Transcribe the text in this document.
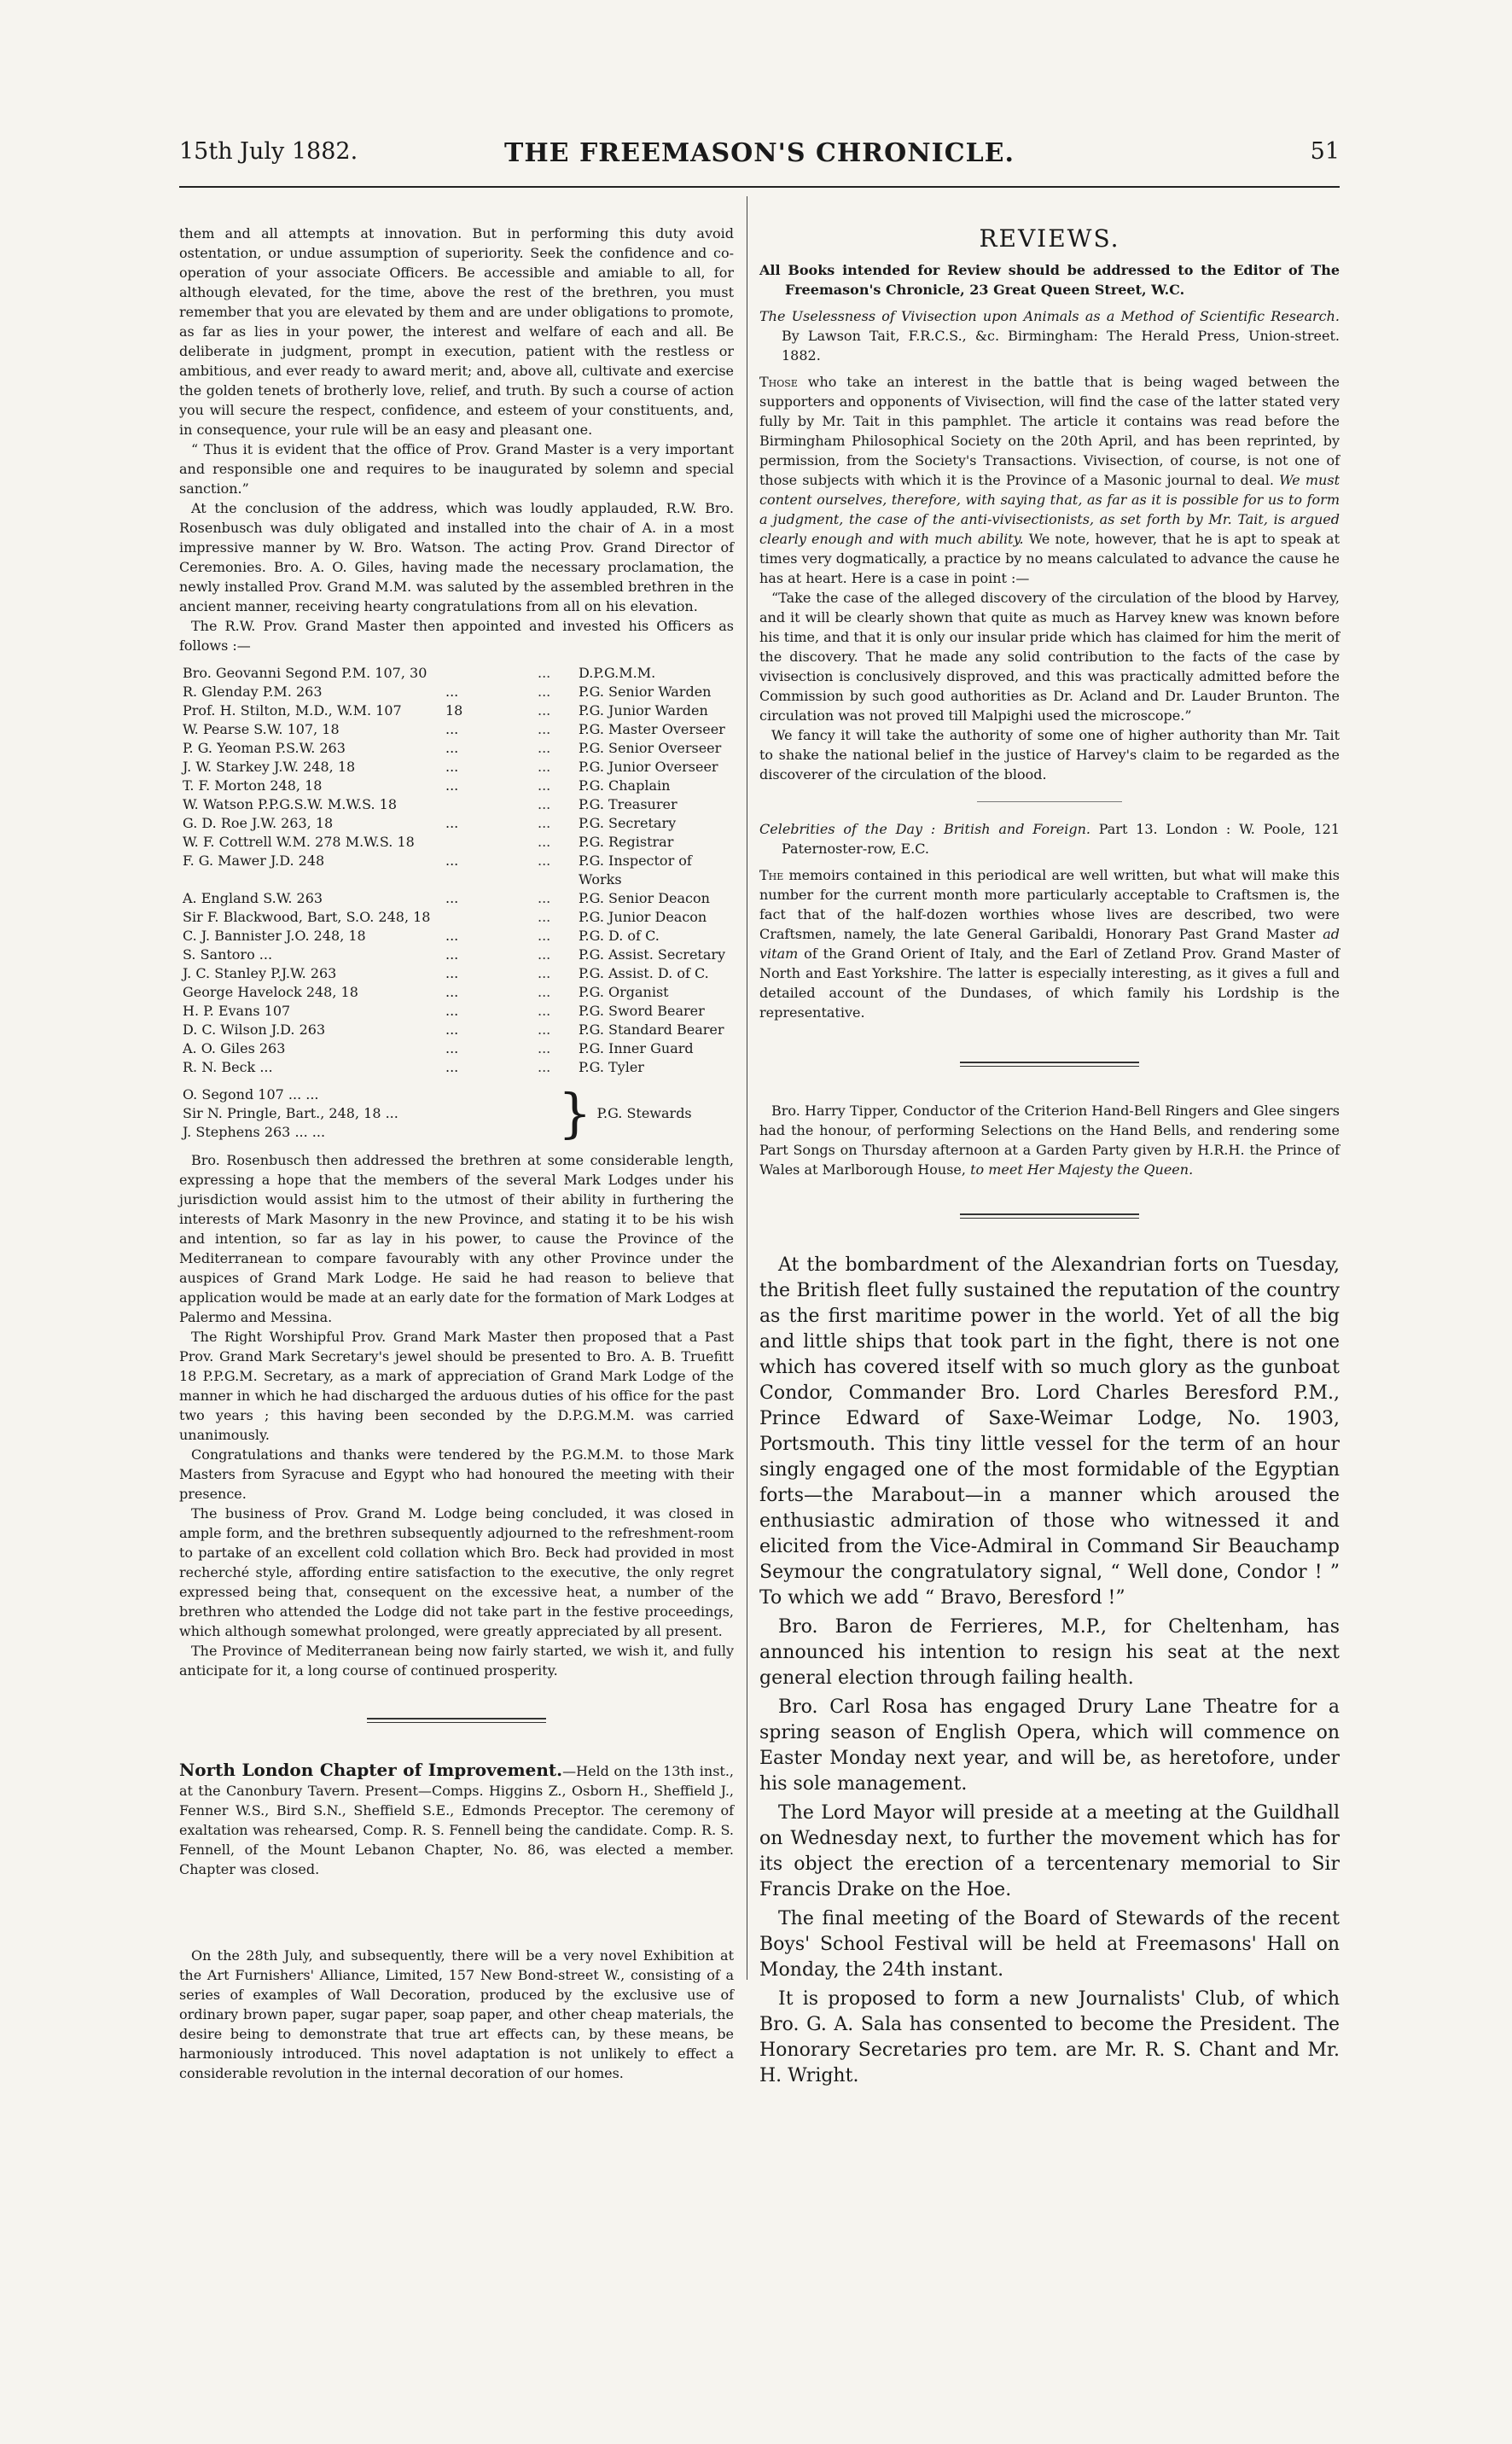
15th July 1882.	THE FREEMASON'S CHRONICLE.	51

them and all attempts at innovation. But in performing this duty avoid ostentation, or undue assumption of superiority. Seek the confidence and co-operation of your associate Officers. Be accessible and amiable to all, for although elevated, for the time, above the rest of the brethren, you must remember that you are elevated by them and are under obligations to promote, as far as lies in your power, the interest and welfare of each and all. Be deliberate in judgment, prompt in execution, patient with the restless or ambitious, and ever ready to award merit; and, above all, cultivate and exercise the golden tenets of brotherly love, relief, and truth. By such a course of action you will secure the respect, confidence, and esteem of your constituents, and, in consequence, your rule will be an easy and pleasant one.

“ Thus it is evident that the office of Prov. Grand Master is a very important and responsible one and requires to be inaugurated by solemn and special sanction.”

At the conclusion of the address, which was loudly applauded, R.W. Bro. Rosenbusch was duly obligated and installed into the chair of A. in a most impressive manner by W. Bro. Watson. The acting Prov. Grand Director of Ceremonies. Bro. A. O. Giles, having made the necessary proclamation, the newly installed Prov. Grand M.M. was saluted by the assembled brethren in the ancient manner, receiving hearty congratulations from all on his elevation.

The R.W. Prov. Grand Master then appointed and invested his Officers as follows :—

Bro. Geovanni Segond P.M. 107, 30		...	D.P.G.M.M.
R. Glenday P.M. 263	...	...	P.G. Senior Warden
Prof. H. Stilton, M.D., W.M. 107	18	...	P.G. Junior Warden
W. Pearse S.W. 107, 18	...	...	P.G. Master Overseer
P. G. Yeoman P.S.W. 263	...	...	P.G. Senior Overseer
J. W. Starkey J.W. 248, 18	...	...	P.G. Junior Overseer
T. F. Morton 248, 18	...	...	P.G. Chaplain
W. Watson P.P.G.S.W. M.W.S. 18		...	P.G. Treasurer
G. D. Roe J.W. 263, 18	...	...	P.G. Secretary
W. F. Cottrell W.M. 278 M.W.S. 18		...	P.G. Registrar
F. G. Mawer J.D. 248	...	...	P.G. Inspector of Works
A. England S.W. 263	...	...	P.G. Senior Deacon
Sir F. Blackwood, Bart, S.O. 248, 18		...	P.G. Junior Deacon
C. J. Bannister J.O. 248, 18	...	...	P.G. D. of C.
S. Santoro ...	...	...	P.G. Assist. Secretary
J. C. Stanley P.J.W. 263	...	...	P.G. Assist. D. of C.
George Havelock 248, 18	...	...	P.G. Organist
H. P. Evans 107	...	...	P.G. Sword Bearer
D. C. Wilson J.D. 263	...	...	P.G. Standard Bearer
A. O. Giles 263	...	...	P.G. Inner Guard
R. N. Beck ...	...	...	P.G. Tyler
O. Segond 107 ... ...
Sir N. Pringle, Bart., 248, 18 ...
J. Stephens 263 ... ...	} P.G. Stewards

Bro. Rosenbusch then addressed the brethren at some considerable length, expressing a hope that the members of the several Mark Lodges under his jurisdiction would assist him to the utmost of their ability in furthering the interests of Mark Masonry in the new Province, and stating it to be his wish and intention, so far as lay in his power, to cause the Province of the Mediterranean to compare favourably with any other Province under the auspices of Grand Mark Lodge. He said he had reason to believe that application would be made at an early date for the formation of Mark Lodges at Palermo and Messina.

The Right Worshipful Prov. Grand Mark Master then proposed that a Past Prov. Grand Mark Secretary's jewel should be presented to Bro. A. B. Truefitt 18 P.P.G.M. Secretary, as a mark of appreciation of Grand Mark Lodge of the manner in which he had discharged the arduous duties of his office for the past two years ; this having been seconded by the D.P.G.M.M. was carried unanimously.

Congratulations and thanks were tendered by the P.G.M.M. to those Mark Masters from Syracuse and Egypt who had honoured the meeting with their presence.

The business of Prov. Grand M. Lodge being concluded, it was closed in ample form, and the brethren subsequently adjourned to the refreshment-room to partake of an excellent cold collation which Bro. Beck had provided in most recherché style, affording entire satisfaction to the executive, the only regret expressed being that, consequent on the excessive heat, a number of the brethren who attended the Lodge did not take part in the festive proceedings, which although somewhat prolonged, were greatly appreciated by all present.

The Province of Mediterranean being now fairly started, we wish it, and fully anticipate for it, a long course of continued prosperity.

North London Chapter of Improvement.—Held on the 13th inst., at the Canonbury Tavern. Present—Comps. Higgins Z., Osborn H., Sheffield J., Fenner W.S., Bird S.N., Sheffield S.E., Edmonds Preceptor. The ceremony of exaltation was rehearsed, Comp. R. S. Fennell being the candidate. Comp. R. S. Fennell, of the Mount Lebanon Chapter, No. 86, was elected a member. Chapter was closed.

On the 28th July, and subsequently, there will be a very novel Exhibition at the Art Furnishers' Alliance, Limited, 157 New Bond-street W., consisting of a series of examples of Wall Decoration, produced by the exclusive use of ordinary brown paper, sugar paper, soap paper, and other cheap materials, the desire being to demonstrate that true art effects can, by these means, be harmoniously introduced. This novel adaptation is not unlikely to effect a considerable revolution in the internal decoration of our homes.

REVIEWS.

All Books intended for Review should be addressed to the Editor of The Freemason's Chronicle, 23 Great Queen Street, W.C.

The Uselessness of Vivisection upon Animals as a Method of Scientific Research. By Lawson Tait, F.R.C.S., &c. Birmingham: The Herald Press, Union-street. 1882.

Those who take an interest in the battle that is being waged between the supporters and opponents of Vivisection, will find the case of the latter stated very fully by Mr. Tait in this pamphlet. The article it contains was read before the Birmingham Philosophical Society on the 20th April, and has been reprinted, by permission, from the Society's Transactions. Vivisection, of course, is not one of those subjects with which it is the Province of a Masonic journal to deal. We must content ourselves, therefore, with saying that, as far as it is possible for us to form a judgment, the case of the anti-vivisectionists, as set forth by Mr. Tait, is argued clearly enough and with much ability. We note, however, that he is apt to speak at times very dogmatically, a practice by no means calculated to advance the cause he has at heart. Here is a case in point :—

“Take the case of the alleged discovery of the circulation of the blood by Harvey, and it will be clearly shown that quite as much as Harvey knew was known before his time, and that it is only our insular pride which has claimed for him the merit of the discovery. That he made any solid contribution to the facts of the case by vivisection is conclusively disproved, and this was practically admitted before the Commission by such good authorities as Dr. Acland and Dr. Lauder Brunton. The circulation was not proved till Malpighi used the microscope.”

We fancy it will take the authority of some one of higher authority than Mr. Tait to shake the national belief in the justice of Harvey's claim to be regarded as the discoverer of the circulation of the blood.

Celebrities of the Day : British and Foreign. Part 13. London : W. Poole, 121 Paternoster-row, E.C.

The memoirs contained in this periodical are well written, but what will make this number for the current month more particularly acceptable to Craftsmen is, the fact that of the half-dozen worthies whose lives are described, two were Craftsmen, namely, the late General Garibaldi, Honorary Past Grand Master ad vitam of the Grand Orient of Italy, and the Earl of Zetland Prov. Grand Master of North and East Yorkshire. The latter is especially interesting, as it gives a full and detailed account of the Dundases, of which family his Lordship is the representative.

Bro. Harry Tipper, Conductor of the Criterion Hand-Bell Ringers and Glee singers had the honour, of performing Selections on the Hand Bells, and rendering some Part Songs on Thursday afternoon at a Garden Party given by H.R.H. the Prince of Wales at Marlborough House, to meet Her Majesty the Queen.

At the bombardment of the Alexandrian forts on Tuesday, the British fleet fully sustained the reputation of the country as the first maritime power in the world. Yet of all the big and little ships that took part in the fight, there is not one which has covered itself with so much glory as the gunboat Condor, Commander Bro. Lord Charles Beresford P.M., Prince Edward of Saxe-Weimar Lodge, No. 1903, Portsmouth. This tiny little vessel for the term of an hour singly engaged one of the most formidable of the Egyptian forts—the Marabout—in a manner which aroused the enthusiastic admiration of those who witnessed it and elicited from the Vice-Admiral in Command Sir Beauchamp Seymour the congratulatory signal, “ Well done, Condor ! ” To which we add “ Bravo, Beresford !”

Bro. Baron de Ferrieres, M.P., for Cheltenham, has announced his intention to resign his seat at the next general election through failing health.

Bro. Carl Rosa has engaged Drury Lane Theatre for a spring season of English Opera, which will commence on Easter Monday next year, and will be, as heretofore, under his sole management.

The Lord Mayor will preside at a meeting at the Guildhall on Wednesday next, to further the movement which has for its object the erection of a tercentenary memorial to Sir Francis Drake on the Hoe.

The final meeting of the Board of Stewards of the recent Boys' School Festival will be held at Freemasons' Hall on Monday, the 24th instant.

It is proposed to form a new Journalists' Club, of which Bro. G. A. Sala has consented to become the President. The Honorary Secretaries pro tem. are Mr. R. S. Chant and Mr. H. Wright.
